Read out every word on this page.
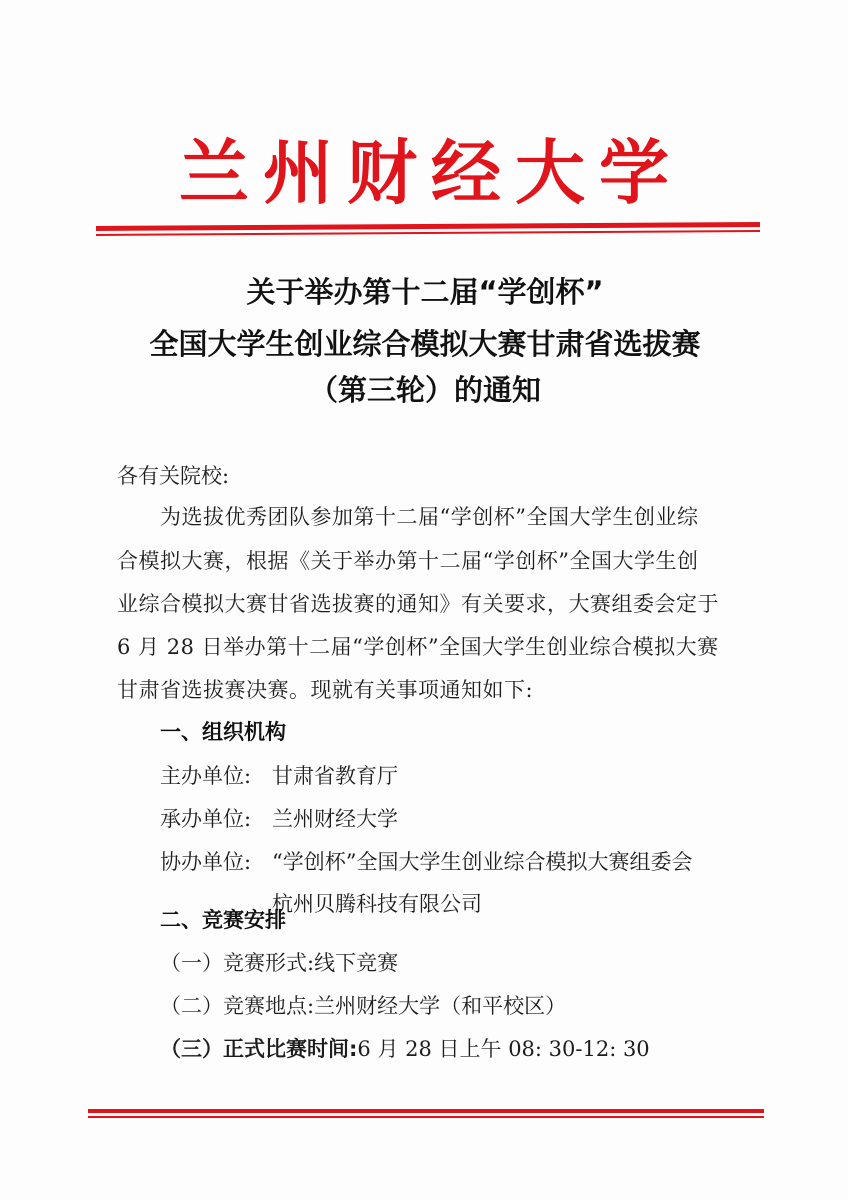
兰州财经大学
关于举办第十二届“学创杯”
全国大学生创业综合模拟大赛甘肃省选拔赛
（第三轮）的通知
各有关院校:
为选拔优秀团队参加第十二届“学创杯”全国大学生创业综
合模拟大赛，根据《关于举办第十二届“学创杯”全国大学生创
业综合模拟大赛甘省选拔赛的通知》有关要求，大赛组委会定于
6 月 28 日举办第十二届“学创杯”全国大学生创业综合模拟大赛
甘肃省选拔赛决赛。现就有关事项通知如下:
一、组织机构
主办单位: 甘肃省教育厅
承办单位: 兰州财经大学
协办单位: “学创杯”全国大学生创业综合模拟大赛组委会
杭州贝腾科技有限公司
二、竞赛安排
（一）竞赛形式:线下竞赛
（二）竞赛地点:兰州财经大学（和平校区）
（三）正式比赛时间:6 月 28 日上午 08: 30-12: 30
